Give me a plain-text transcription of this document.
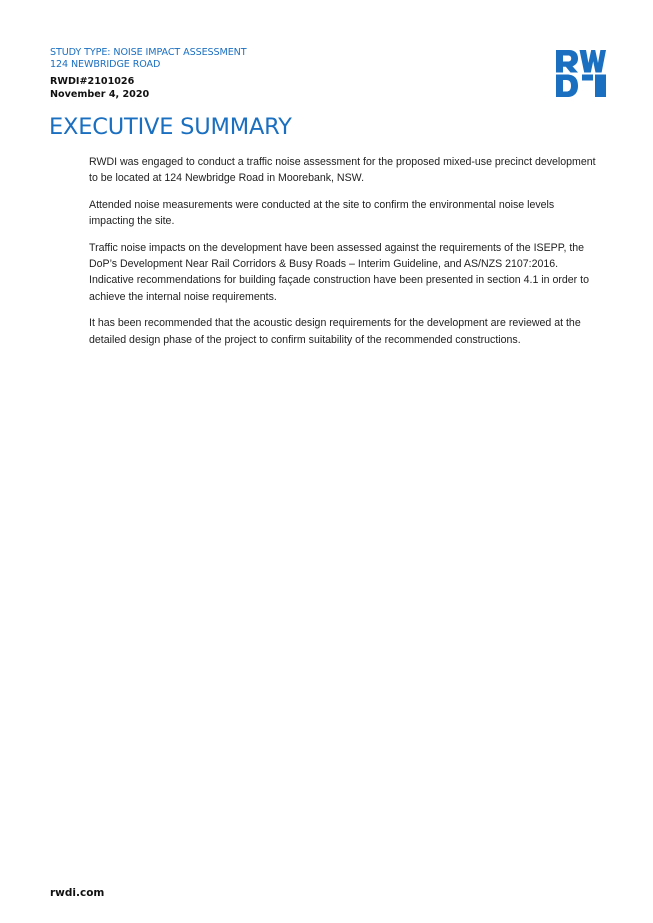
STUDY TYPE: NOISE IMPACT ASSESSMENT
124 NEWBRIDGE ROAD
RWDI#2101026
November 4, 2020
EXECUTIVE SUMMARY

RWDI was engaged to conduct a traffic noise assessment for the proposed mixed-use precinct development to be located at 124 Newbridge Road in Moorebank, NSW.

Attended noise measurements were conducted at the site to confirm the environmental noise levels impacting the site.

Traffic noise impacts on the development have been assessed against the requirements of the ISEPP, the DoP’s Development Near Rail Corridors & Busy Roads – Interim Guideline, and AS/NZS 2107:2016. Indicative recommendations for building façade construction have been presented in section 4.1 in order to achieve the internal noise requirements.

It has been recommended that the acoustic design requirements for the development are reviewed at the detailed design phase of the project to confirm suitability of the recommended constructions.

rwdi.com
